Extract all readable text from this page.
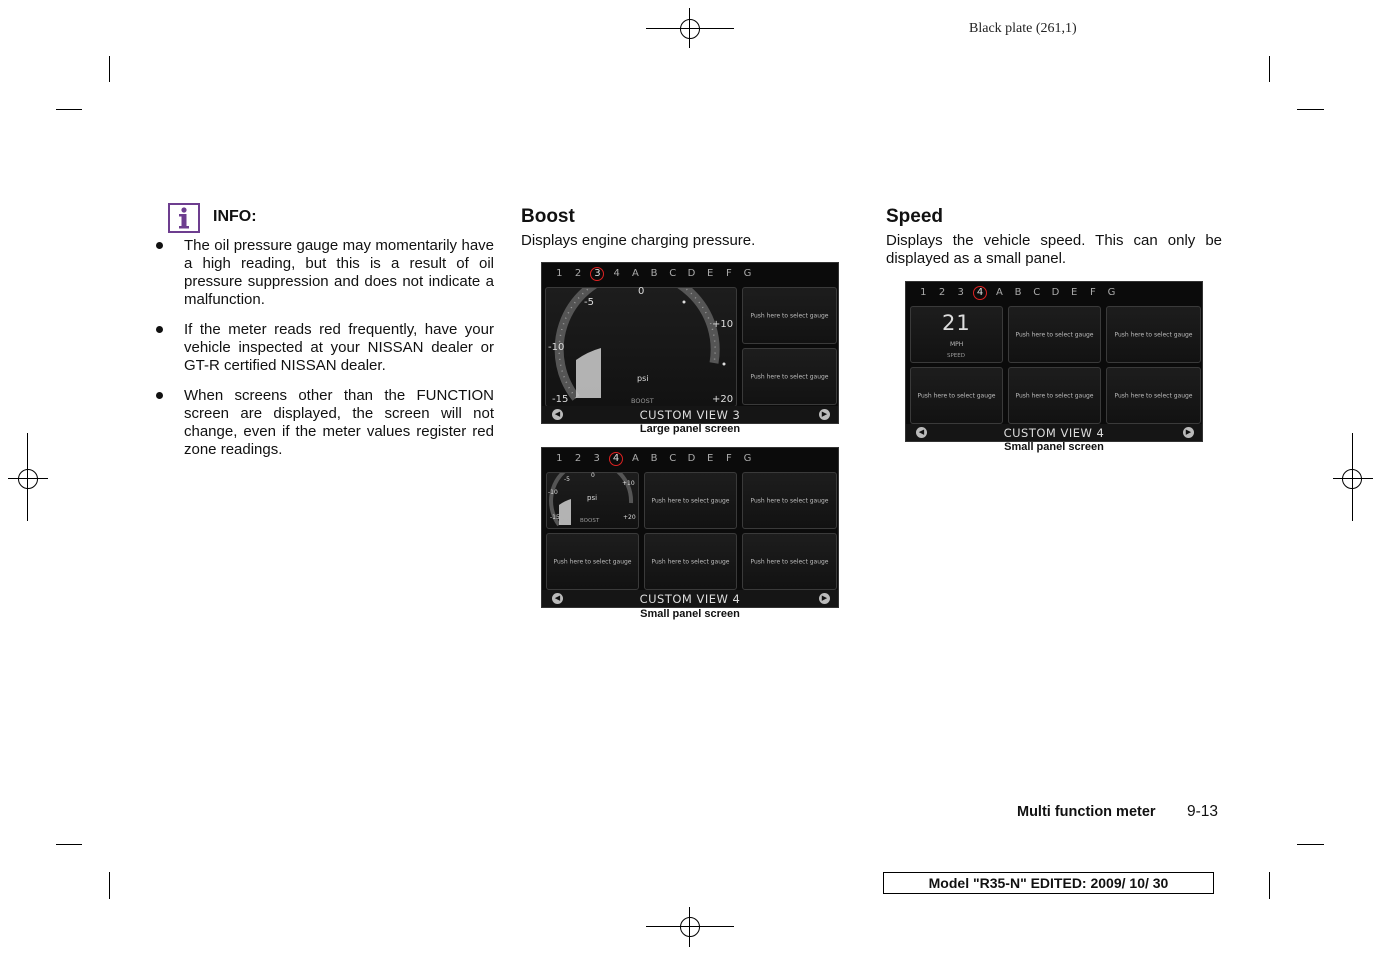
Black plate (261,1)
INFO:
The oil pressure gauge may momentarily have a high reading, but this is a result of oil pressure suppression and does not indicate a malfunction.
If the meter reads red frequently, have your vehicle inspected at your NISSAN dealer or GT-R certified NISSAN dealer.
When screens other than the FUNCTION screen are displayed, the screen will not change, even if the meter values register red zone readings.
Boost
Displays engine charging pressure.
1	2	3	4	A	B	C	D	E	F	G
0
-5
+10
-10
-15	+20
psi
BOOST
Push here to select gauge
Push here to select gauge
◀	CUSTOM VIEW 3	▶
Large panel screen
1	2	3	4	A	B	C	D	E	F	G
0
-5
+10
-10
-15	+20
psi
BOOST
Push here to select gauge	Push here to select gauge
Push here to select gauge	Push here to select gauge	Push here to select gauge
◀	CUSTOM VIEW 4	▶
Small panel screen
Speed
Displays the vehicle speed. This can only be displayed as a small panel.
1	2	3	4	A	B	C	D	E	F	G
21
MPH
SPEED
Push here to select gauge	Push here to select gauge
Push here to select gauge	Push here to select gauge	Push here to select gauge
◀	CUSTOM VIEW 4	▶
Small panel screen
Multi function meter 9-13
Model "R35-N" EDITED: 2009/ 10/ 30
